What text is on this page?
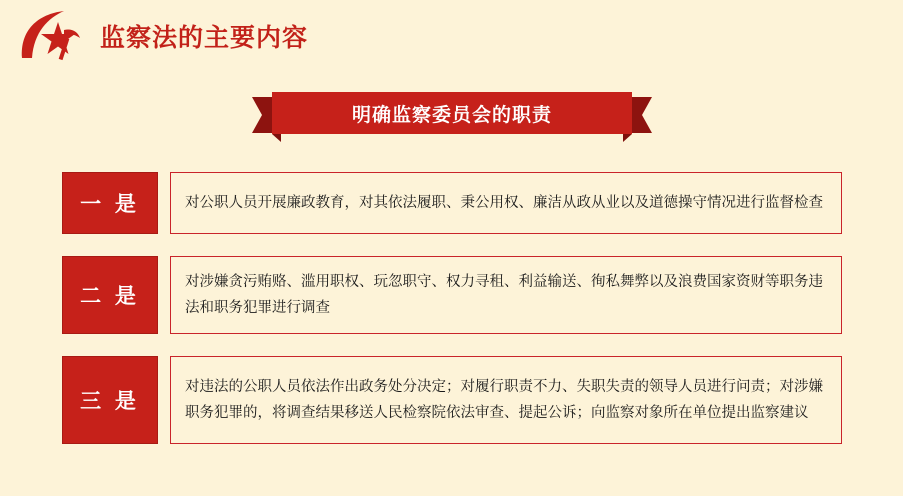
监察法的主要内容
明确监察委员会的职责
一 是	对公职人员开展廉政教育，对其依法履职、秉公用权、廉洁从政从业以及道德操守情况进行监督检查

二 是

对涉嫌贪污贿赂、滥用职权、玩忽职守、权力寻租、利益输送、徇私舞弊以及浪费国家资财等职务违法和职务犯罪进行调查

三 是

对违法的公职人员依法作出政务处分决定；对履行职责不力、失职失责的领导人员进行问责；对涉嫌职务犯罪的，将调查结果移送人民检察院依法审查、提起公诉；向监察对象所在单位提出监察建议
